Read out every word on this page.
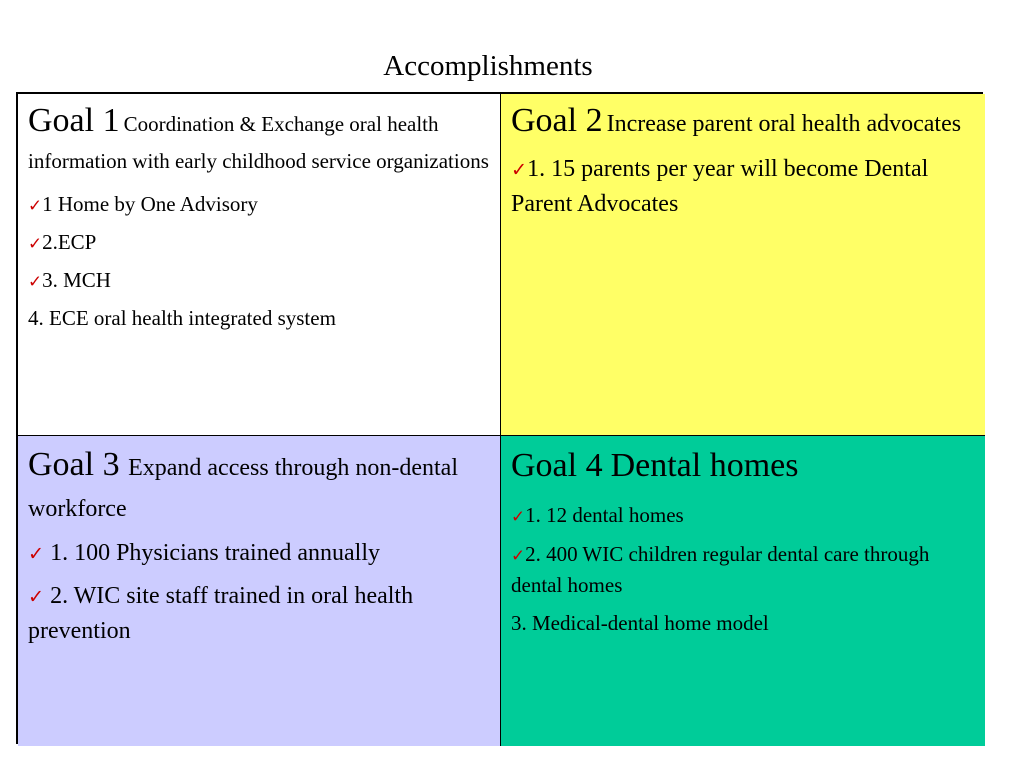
Accomplishments

Goal 1 Coordination & Exchange oral health information with early childhood service organizations

✓1 Home by One Advisory

✓2.ECP

✓3. MCH

4. ECE oral health integrated system

Goal 2 Increase parent oral health advocates

✓1. 15 parents per year will become Dental Parent Advocates

Goal 3 Expand access through non-dental workforce

✓ 1. 100 Physicians trained annually

✓ 2. WIC site staff trained in oral health prevention

Goal 4 Dental homes

✓1. 12 dental homes

✓2. 400 WIC children regular dental care through dental homes

3. Medical-dental home model
